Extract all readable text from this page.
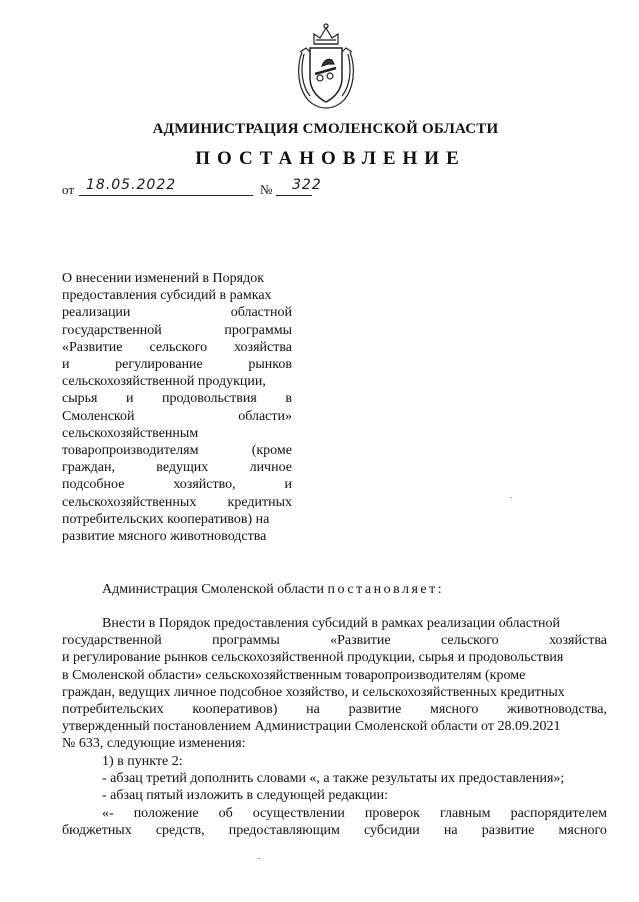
АДМИНИСТРАЦИЯ СМОЛЕНСКОЙ ОБЛАСТИ
ПОСТАНОВЛЕНИЕ
от 18.05.2022	№ 322
О внесении изменений в Порядок
предоставления субсидий в рамках
реализации	областной
государственной	программы
«Развитие сельского хозяйства
и	регулирование	рынков
сельскохозяйственной продукции,
сырья и продовольствия в
Смоленской	области»
сельскохозяйственным
товаропроизводителям	(кроме
граждан,	ведущих	личное
подсобное	хозяйство,	и
сельскохозяйственных кредитных
потребительских кооперативов) на
развитие мясного животноводства
Администрация Смоленской области постановляет:
Внести в Порядок предоставления субсидий в рамках реализации областной
государственной	программы	«Развитие	сельского	хозяйства
и регулирование рынков сельскохозяйственной продукции, сырья и продовольствия
в Смоленской области» сельскохозяйственным товаропроизводителям (кроме
граждан, ведущих личное подсобное хозяйство, и сельскохозяйственных кредитных
потребительских кооперативов) на развитие мясного животноводства,
утвержденный постановлением Администрации Смоленской области от 28.09.2021
№ 633, следующие изменения:
1) в пункте 2:
- абзац третий дополнить словами «, а также результаты их предоставления»;
- абзац пятый изложить в следующей редакции:
«- положение об осуществлении проверок главным распорядителем
бюджетных средств, предоставляющим субсидии на развитие мясного
